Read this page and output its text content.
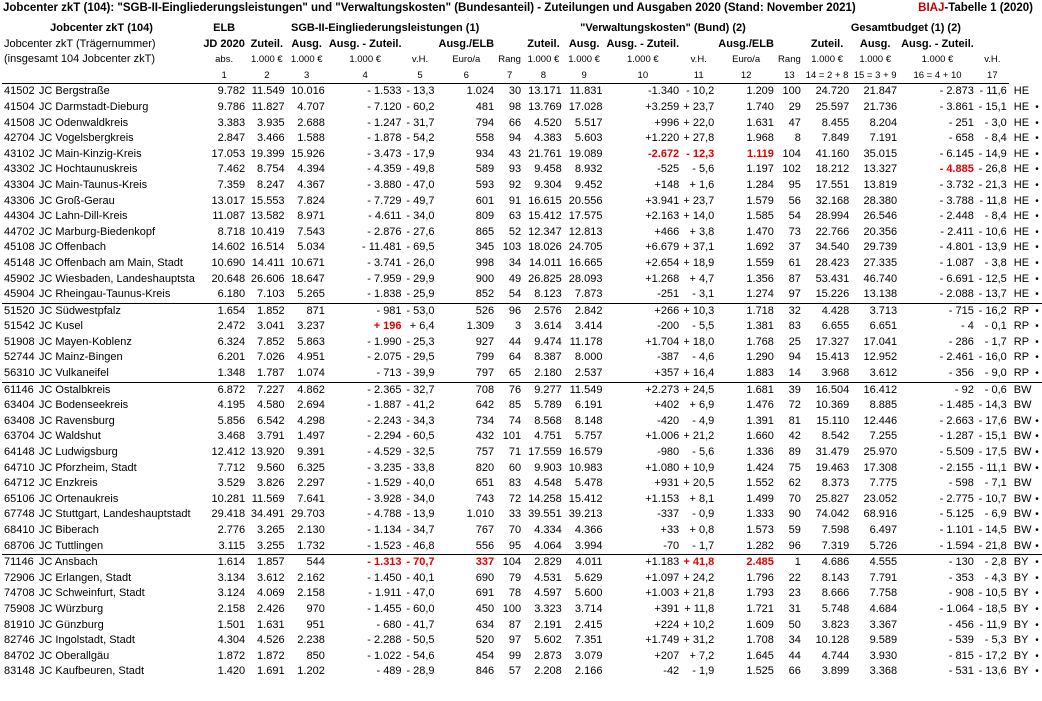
Jobcenter zkT (104): "SGB-II-Eingliederungsleistungen" und "Verwaltungskosten" (Bundesanteil) - Zuteilungen und Ausgaben 2020 (Stand: November 2021)	BIAJ-Tabelle 1 (2020)
Jobcenter zkT (104)		ELB	SGB-II-Eingliederungsleistungen (1)						"Verwaltungskosten" (Bund) (2)						Gesamtbudget (1) (2)					
Jobcenter zkT (Trägernummer)		JD 2020	Zuteil.	Ausg.	Ausg. - Zuteil.		Ausg./ELB		Zuteil.	Ausg.	Ausg. - Zuteil.		Ausg./ELB		Zuteil.	Ausg.	Ausg. - Zuteil.			
(insgesamt 104 Jobcenter zkT)		abs.	1.000 €	1.000 €	1.000 €	v.H.	Euro/a	Rang	1.000 €	1.000 €	1.000 €	v.H.	Euro/a	Rang	1.000 €	1.000 €	1.000 €	v.H.		
		1	2	3	4	5	6	7	8	9	10	11	12	13	14 = 2 + 8	15 = 3 + 9	16 = 4 + 10	17		
41502	JC Bergstraße	9.782	11.549	10.016	- 1.533	- 13,3	1.024	30	13.171	11.831	-1.340	- 10,2	1.209	100	24.720	21.847	- 2.873	- 11,6	HE	
41504	JC Darmstadt-Dieburg	9.786	11.827	4.707	- 7.120	- 60,2	481	98	13.769	17.028	+3.259	+ 23,7	1.740	29	25.597	21.736	- 3.861	- 15,1	HE	•
41508	JC Odenwaldkreis	3.383	3.935	2.688	- 1.247	- 31,7	794	66	4.520	5.517	+996	+ 22,0	1.631	47	8.455	8.204	- 251	- 3,0	HE	•
42704	JC Vogelsbergkreis	2.847	3.466	1.588	- 1.878	- 54,2	558	94	4.383	5.603	+1.220	+ 27,8	1.968	8	7.849	7.191	- 658	- 8,4	HE	•
43102	JC Main-Kinzig-Kreis	17.053	19.399	15.926	- 3.473	- 17,9	934	43	21.761	19.089	-2.672	- 12,3	1.119	104	41.160	35.015	- 6.145	- 14,9	HE	•
43302	JC Hochtaunuskreis	7.462	8.754	4.394	- 4.359	- 49,8	589	93	9.458	8.932	-525	- 5,6	1.197	102	18.212	13.327	- 4.885	- 26,8	HE	•
43304	JC Main-Taunus-Kreis	7.359	8.247	4.367	- 3.880	- 47,0	593	92	9.304	9.452	+148	+ 1,6	1.284	95	17.551	13.819	- 3.732	- 21,3	HE	•
43306	JC Groß-Gerau	13.017	15.553	7.824	- 7.729	- 49,7	601	91	16.615	20.556	+3.941	+ 23,7	1.579	56	32.168	28.380	- 3.788	- 11,8	HE	•
44304	JC Lahn-Dill-Kreis	11.087	13.582	8.971	- 4.611	- 34,0	809	63	15.412	17.575	+2.163	+ 14,0	1.585	54	28.994	26.546	- 2.448	- 8,4	HE	•
44702	JC Marburg-Biedenkopf	8.718	10.419	7.543	- 2.876	- 27,6	865	52	12.347	12.813	+466	+ 3,8	1.470	73	22.766	20.356	- 2.411	- 10,6	HE	•
45108	JC Offenbach	14.602	16.514	5.034	- 11.481	- 69,5	345	103	18.026	24.705	+6.679	+ 37,1	1.692	37	34.540	29.739	- 4.801	- 13,9	HE	•
45148	JC Offenbach am Main, Stadt	10.690	14.411	10.671	- 3.741	- 26,0	998	34	14.011	16.665	+2.654	+ 18,9	1.559	61	28.423	27.335	- 1.087	- 3,8	HE	•
45902	JC Wiesbaden, Landeshauptsta	20.648	26.606	18.647	- 7.959	- 29,9	900	49	26.825	28.093	+1.268	+ 4,7	1.356	87	53.431	46.740	- 6.691	- 12,5	HE	•
45904	JC Rheingau-Taunus-Kreis	6.180	7.103	5.265	- 1.838	- 25,9	852	54	8.123	7.873	-251	- 3,1	1.274	97	15.226	13.138	- 2.088	- 13,7	HE	•
51520	JC Südwestpfalz	1.654	1.852	871	- 981	- 53,0	526	96	2.576	2.842	+266	+ 10,3	1.718	32	4.428	3.713	- 715	- 16,2	RP	•
51542	JC Kusel	2.472	3.041	3.237	+ 196	+ 6,4	1.309	3	3.614	3.414	-200	- 5,5	1.381	83	6.655	6.651	- 4	- 0,1	RP	•
51908	JC Mayen-Koblenz	6.324	7.852	5.863	- 1.990	- 25,3	927	44	9.474	11.178	+1.704	+ 18,0	1.768	25	17.327	17.041	- 286	- 1,7	RP	•
52744	JC Mainz-Bingen	6.201	7.026	4.951	- 2.075	- 29,5	799	64	8.387	8.000	-387	- 4,6	1.290	94	15.413	12.952	- 2.461	- 16,0	RP	•
56310	JC Vulkaneifel	1.348	1.787	1.074	- 713	- 39,9	797	65	2.180	2.537	+357	+ 16,4	1.883	14	3.968	3.612	- 356	- 9,0	RP	•
61146	JC Ostalbkreis	6.872	7.227	4.862	- 2.365	- 32,7	708	76	9.277	11.549	+2.273	+ 24,5	1.681	39	16.504	16.412	- 92	- 0,6	BW	
63404	JC Bodenseekreis	4.195	4.580	2.694	- 1.887	- 41,2	642	85	5.789	6.191	+402	+ 6,9	1.476	72	10.369	8.885	- 1.485	- 14,3	BW	
63408	JC Ravensburg	5.856	6.542	4.298	- 2.243	- 34,3	734	74	8.568	8.148	-420	- 4,9	1.391	81	15.110	12.446	- 2.663	- 17,6	BW	•
63704	JC Waldshut	3.468	3.791	1.497	- 2.294	- 60,5	432	101	4.751	5.757	+1.006	+ 21,2	1.660	42	8.542	7.255	- 1.287	- 15,1	BW	•
64148	JC Ludwigsburg	12.412	13.920	9.391	- 4.529	- 32,5	757	71	17.559	16.579	-980	- 5,6	1.336	89	31.479	25.970	- 5.509	- 17,5	BW	•
64710	JC Pforzheim, Stadt	7.712	9.560	6.325	- 3.235	- 33,8	820	60	9.903	10.983	+1.080	+ 10,9	1.424	75	19.463	17.308	- 2.155	- 11,1	BW	•
64712	JC Enzkreis	3.529	3.826	2.297	- 1.529	- 40,0	651	83	4.548	5.478	+931	+ 20,5	1.552	62	8.373	7.775	- 598	- 7,1	BW	
65106	JC Ortenaukreis	10.281	11.569	7.641	- 3.928	- 34,0	743	72	14.258	15.412	+1.153	+ 8,1	1.499	70	25.827	23.052	- 2.775	- 10,7	BW	•
67748	JC Stuttgart, Landeshauptstadt	29.418	34.491	29.703	- 4.788	- 13,9	1.010	33	39.551	39.213	-337	- 0,9	1.333	90	74.042	68.916	- 5.125	- 6,9	BW	•
68410	JC Biberach	2.776	3.265	2.130	- 1.134	- 34,7	767	70	4.334	4.366	+33	+ 0,8	1.573	59	7.598	6.497	- 1.101	- 14,5	BW	•
68706	JC Tuttlingen	3.115	3.255	1.732	- 1.523	- 46,8	556	95	4.064	3.994	-70	- 1,7	1.282	96	7.319	5.726	- 1.594	- 21,8	BW	•
71146	JC Ansbach	1.614	1.857	544	- 1.313	- 70,7	337	104	2.829	4.011	+1.183	+ 41,8	2.485	1	4.686	4.555	- 130	- 2,8	BY	•
72906	JC Erlangen, Stadt	3.134	3.612	2.162	- 1.450	- 40,1	690	79	4.531	5.629	+1.097	+ 24,2	1.796	22	8.143	7.791	- 353	- 4,3	BY	•
74708	JC Schweinfurt, Stadt	3.124	4.069	2.158	- 1.911	- 47,0	691	78	4.597	5.600	+1.003	+ 21,8	1.793	23	8.666	7.758	- 908	- 10,5	BY	•
75908	JC Würzburg	2.158	2.426	970	- 1.455	- 60,0	450	100	3.323	3.714	+391	+ 11,8	1.721	31	5.748	4.684	- 1.064	- 18,5	BY	•
81910	JC Günzburg	1.501	1.631	951	- 680	- 41,7	634	87	2.191	2.415	+224	+ 10,2	1.609	50	3.823	3.367	- 456	- 11,9	BY	•
82746	JC Ingolstadt, Stadt	4.304	4.526	2.238	- 2.288	- 50,5	520	97	5.602	7.351	+1.749	+ 31,2	1.708	34	10.128	9.589	- 539	- 5,3	BY	•
84702	JC Oberallgäu	1.872	1.872	850	- 1.022	- 54,6	454	99	2.873	3.079	+207	+ 7,2	1.645	44	4.744	3.930	- 815	- 17,2	BY	•
83148	JC Kaufbeuren, Stadt	1.420	1.691	1.202	- 489	- 28,9	846	57	2.208	2.166	-42	- 1,9	1.525	66	3.899	3.368	- 531	- 13,6	BY	•
